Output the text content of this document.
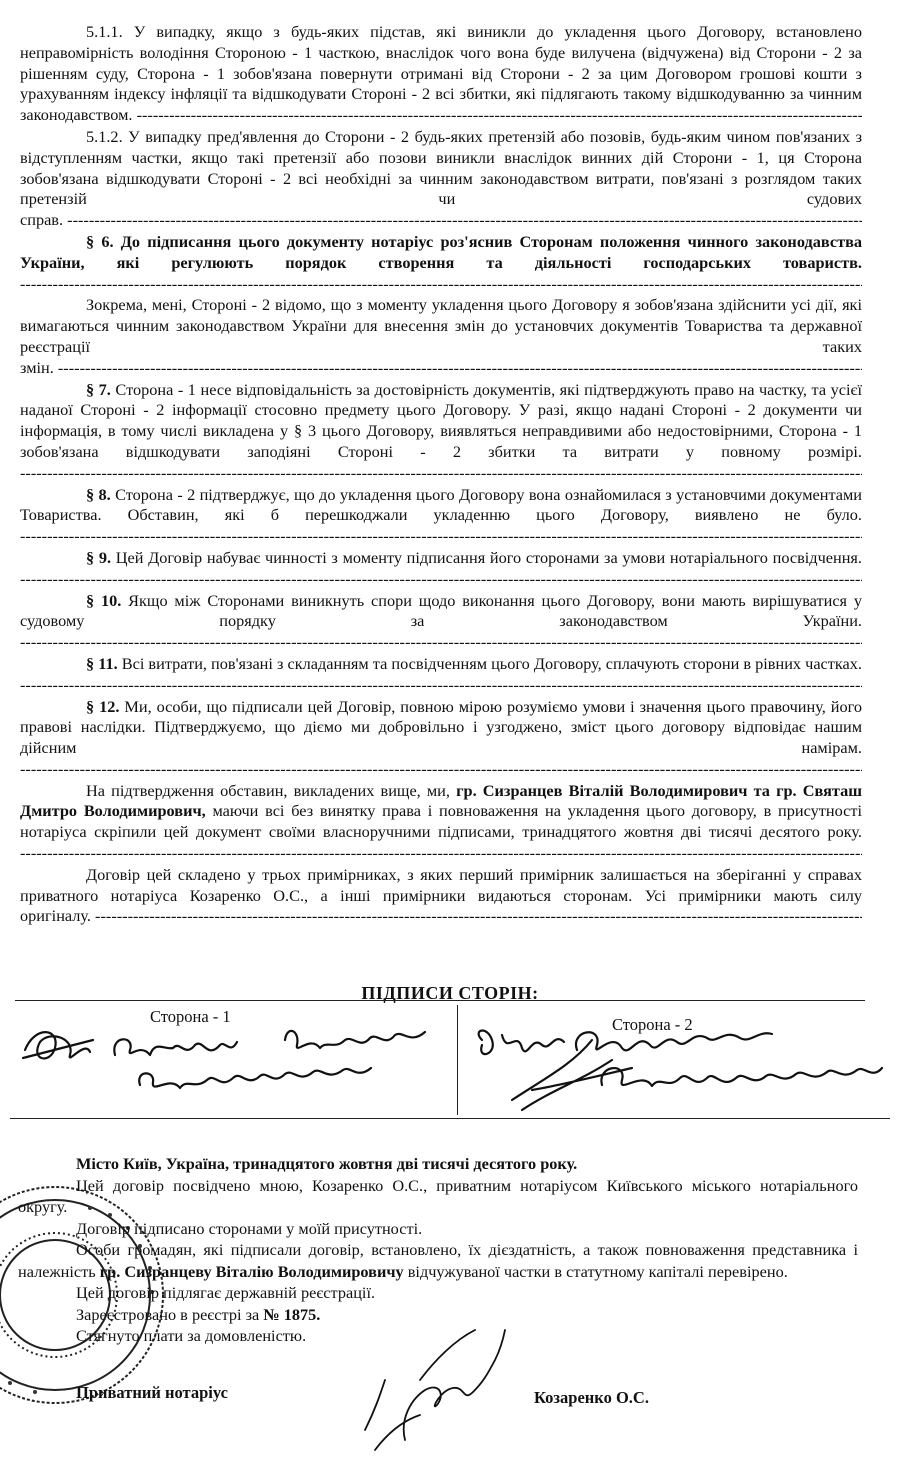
5.1.1. У випадку, якщо з будь-яких підстав, які виникли до укладення цього Договору, встановлено неправомірність володіння Стороною - 1 часткою, внаслідок чого вона буде вилучена (відчужена) від Сторони - 2 за рішенням суду, Сторона - 1 зобов'язана повернути отримані від Сторони - 2 за цим Договором грошові кошти з урахуванням індексу інфляції та відшкодувати Стороні - 2 всі збитки, які підлягають такому відшкодуванню за чинним законодавством. -----

5.1.2. У випадку пред'явлення до Сторони - 2 будь-яких претензій або позовів, будь-яким чином пов'язаних з відступленням частки, якщо такі претензії або позови виникли внаслідок винних дій Сторони - 1, ця Сторона зобов'язана відшкодувати Стороні - 2 всі необхідні за чинним законодавством витрати, пов'язані з розглядом таких претензій чи судових справ. -----

§ 6. До підписання цього документу нотаріус роз'яснив Сторонам положення чинного законодавства України, які регулюють порядок створення та діяльності господарських товариств. -----

Зокрема, мені, Стороні - 2 відомо, що з моменту укладення цього Договору я зобов'язана здійснити усі дії, які вимагаються чинним законодавством України для внесення змін до установчих документів Товариства та державної реєстрації таких змін. -----

§ 7. Сторона - 1 несе відповідальність за достовірність документів, які підтверджують право на частку, та усієї наданої Стороні - 2 інформації стосовно предмету цього Договору. У разі, якщо надані Стороні - 2 документи чи інформація, в тому числі викладена у § 3 цього Договору, виявляться неправдивими або недостовірними, Сторона - 1 зобов'язана відшкодувати заподіяні Стороні - 2 збитки та витрати у повному розмірі. -----

§ 8. Сторона - 2 підтверджує, що до укладення цього Договору вона ознайомилася з установчими документами Товариства. Обставин, які б перешкоджали укладенню цього Договору, виявлено не було. -----

§ 9. Цей Договір набуває чинності з моменту підписання його сторонами за умови нотаріального посвідчення. -----

§ 10. Якщо між Сторонами виникнуть спори щодо виконання цього Договору, вони мають вирішуватися у судовому порядку за законодавством України. -----

§ 11. Всі витрати, пов'язані з складанням та посвідченням цього Договору, сплачують сторони в рівних частках. -----

§ 12. Ми, особи, що підписали цей Договір, повною мірою розуміємо умови і значення цього правочину, його правові наслідки. Підтверджуємо, що діємо ми добровільно і узгоджено, зміст цього договору відповідає нашим дійсним намірам. -----

На підтвердження обставин, викладених вище, ми, гр. Сизранцев Віталій Володимирович та гр. Святаш Дмитро Володимирович, маючи всі без винятку права і повноваження на укладення цього договору, в присутності нотаріуса скріпили цей документ своїми власноручними підписами, тринадцятого жовтня дві тисячі десятого року. -----

Договір цей складено у трьох примірниках, з яких перший примірник залишається на зберіганні у справах приватного нотаріуса Козаренко О.С., а інші примірники видаються сторонам. Усі примірники мають силу оригіналу. -----

ПІДПИСИ СТОРІН:
Сторона - 1	Сторона - 2

Місто Київ, Україна, тринадцятого жовтня дві тисячі десятого року.

Цей договір посвідчено мною, Козаренко О.С., приватним нотаріусом Київського міського нотаріального округу.

Договір підписано сторонами у моїй присутності.

Особи громадян, які підписали договір, встановлено, їх дієздатність, а також повноваження представника і належність гр. Сизранцеву Віталію Володимировичу відчужуваної частки в статутному капіталі перевірено.

Цей договір підлягає державній реєстрації.

Зареєстровано в реєстрі за № 1875.

Стягнуто плати за домовленістю.

Приватний нотаріус	Козаренко О.С.
